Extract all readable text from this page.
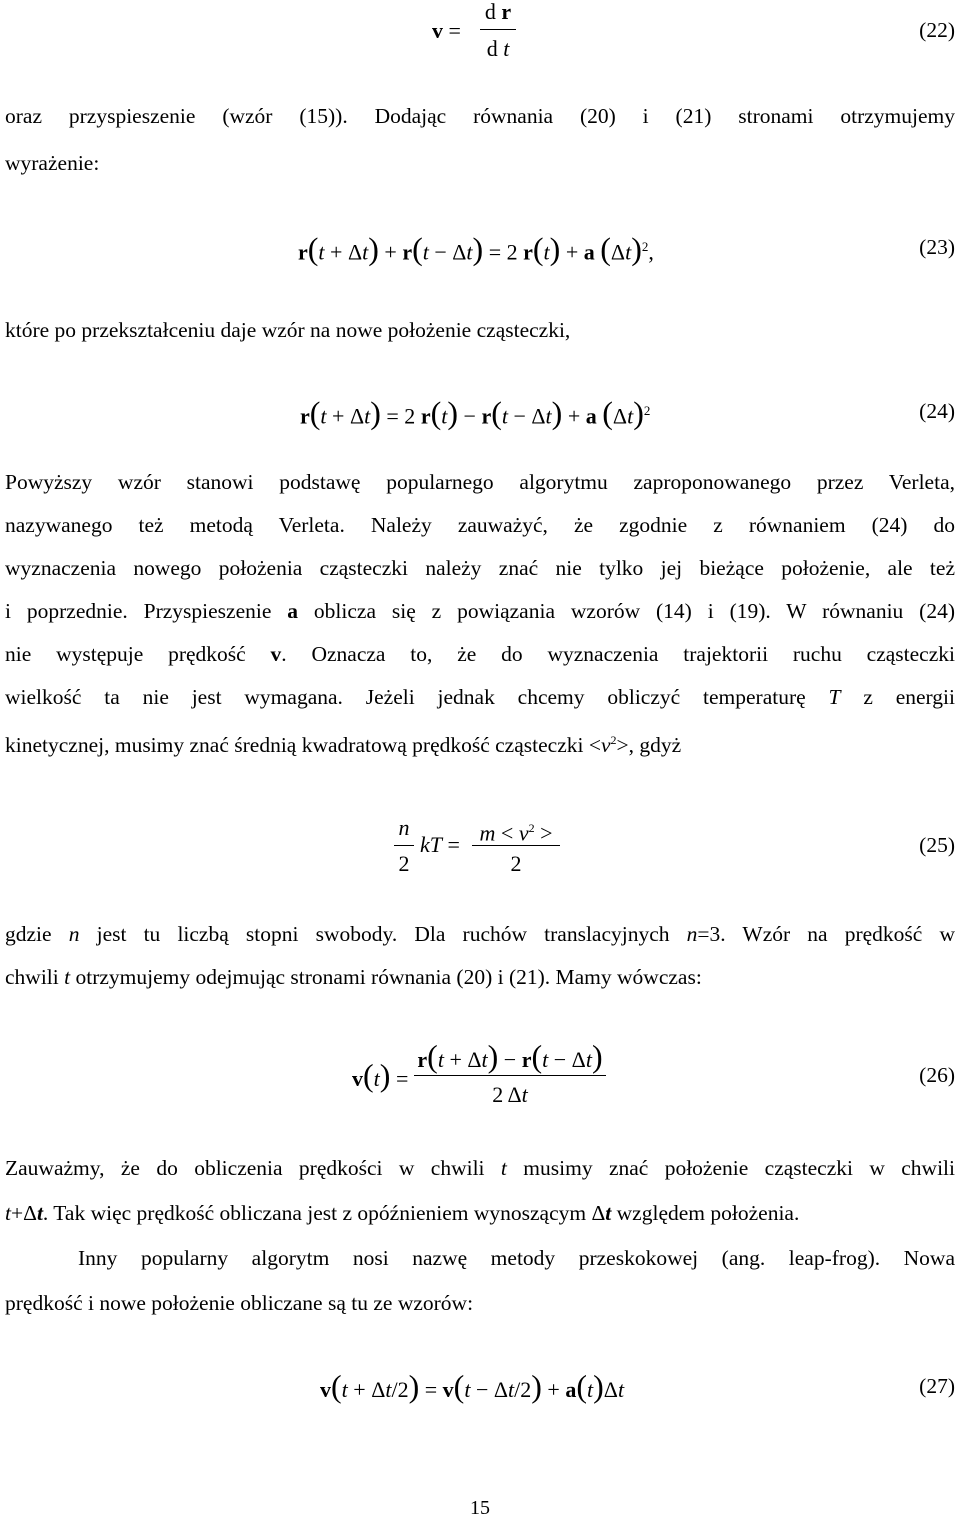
v =
d r
d t
(22)
oraz przyspieszenie (wzór (15)). Dodając równania (20) i (21) stronami otrzymujemy
wyrażenie:
r(t + Δt) + r(t − Δt) = 2 r(t) + a $(\Delta t)^2$,	(23)
które po przekształceniu daje wzór na nowe położenie cząsteczki,
r(t + Δt) = 2 r(t) − r(t − Δt) + a $(\Delta t)^2$	(24)
Powyższy wzór stanowi podstawę popularnego algorytmu zaproponowanego przez Verleta,
nazywanego też metodą Verleta. Należy zauważyć, że zgodnie z równaniem (24) do
wyznaczenia nowego położenia cząsteczki należy znać nie tylko jej bieżące położenie, ale też
i poprzednie. Przyspieszenie a oblicza się z powiązania wzorów (14) i (19). W równaniu (24)
nie występuje prędkość v. Oznacza to, że do wyznaczenia trajektorii ruchu cząsteczki
wielkość ta nie jest wymagana. Jeżeli jednak chcemy obliczyć temperaturę T z energii
kinetycznej, musimy znać średnią kwadratową prędkość cząsteczki $<v^2>$, gdyż
n
2
kT = $m < v^2$ >
2
(25)
gdzie n jest tu liczbą stopni swobody. Dla ruchów translacyjnych n=3. Wzór na prędkość w
chwili t otrzymujemy odejmując stronami równania (20) i (21). Mamy wówczas:
v(t) =
r(t + Δt) − r(t − Δt)
2 Δt
(26)
Zauważmy, że do obliczenia prędkości w chwili t musimy znać położenie cząsteczki w chwili
t+Δt. Tak więc prędkość obliczana jest z opóźnieniem wynoszącym Δt względem położenia.
Inny popularny algorytm nosi nazwę metody przeskokowej (ang. leap-frog). Nowa
prędkość i nowe położenie obliczane są tu ze wzorów:
v(t + Δt/2) = v(t − Δt/2) + a(t)Δt	(27)
15
